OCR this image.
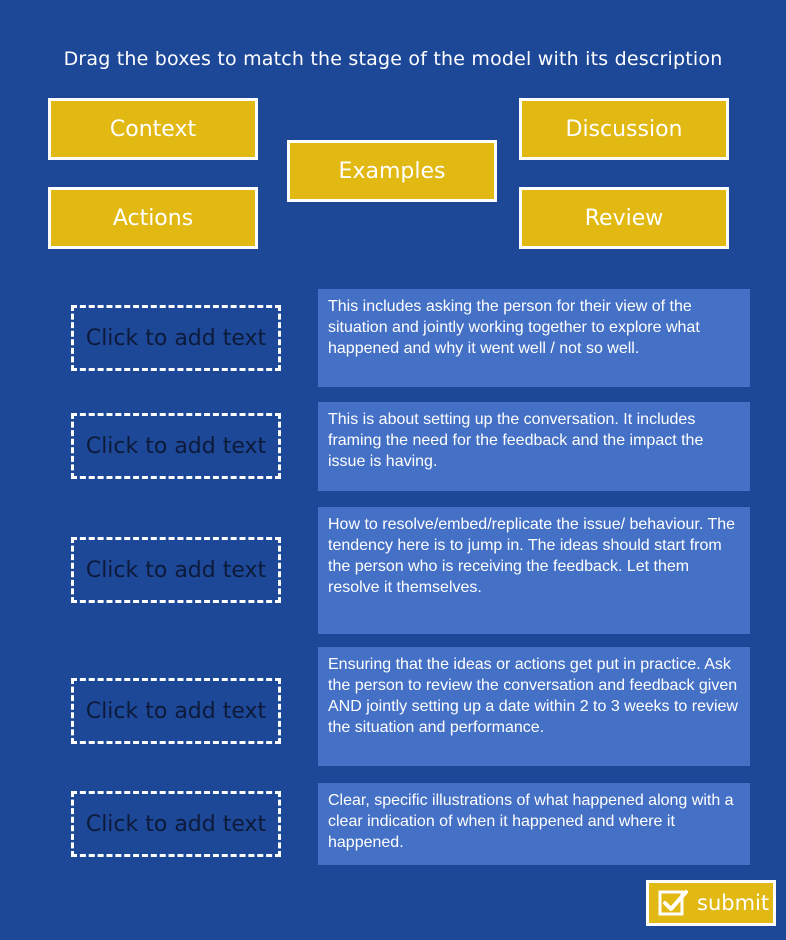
Drag the boxes to match the stage of the model with its description
Context
Examples
Discussion
Actions	Review
Click to add text
This includes asking the person for their view of the situation and jointly working together to explore what happened and why it went well / not so well.
Click to add text
This is about setting up the conversation. It includes framing the need for the feedback and the impact the issue is having.
Click to add text
How to resolve/embed/replicate the issue/ behaviour. The tendency here is to jump in. The ideas should start from the person who is receiving the feedback. Let them resolve it themselves.
Click to add text
Ensuring that the ideas or actions get put in practice. Ask the person to review the conversation and feedback given AND jointly setting up a date within 2 to 3 weeks to review the situation and performance.
Click to add text
Clear, specific illustrations of what happened along with a clear indication of when it happened and where it happened.
submit
